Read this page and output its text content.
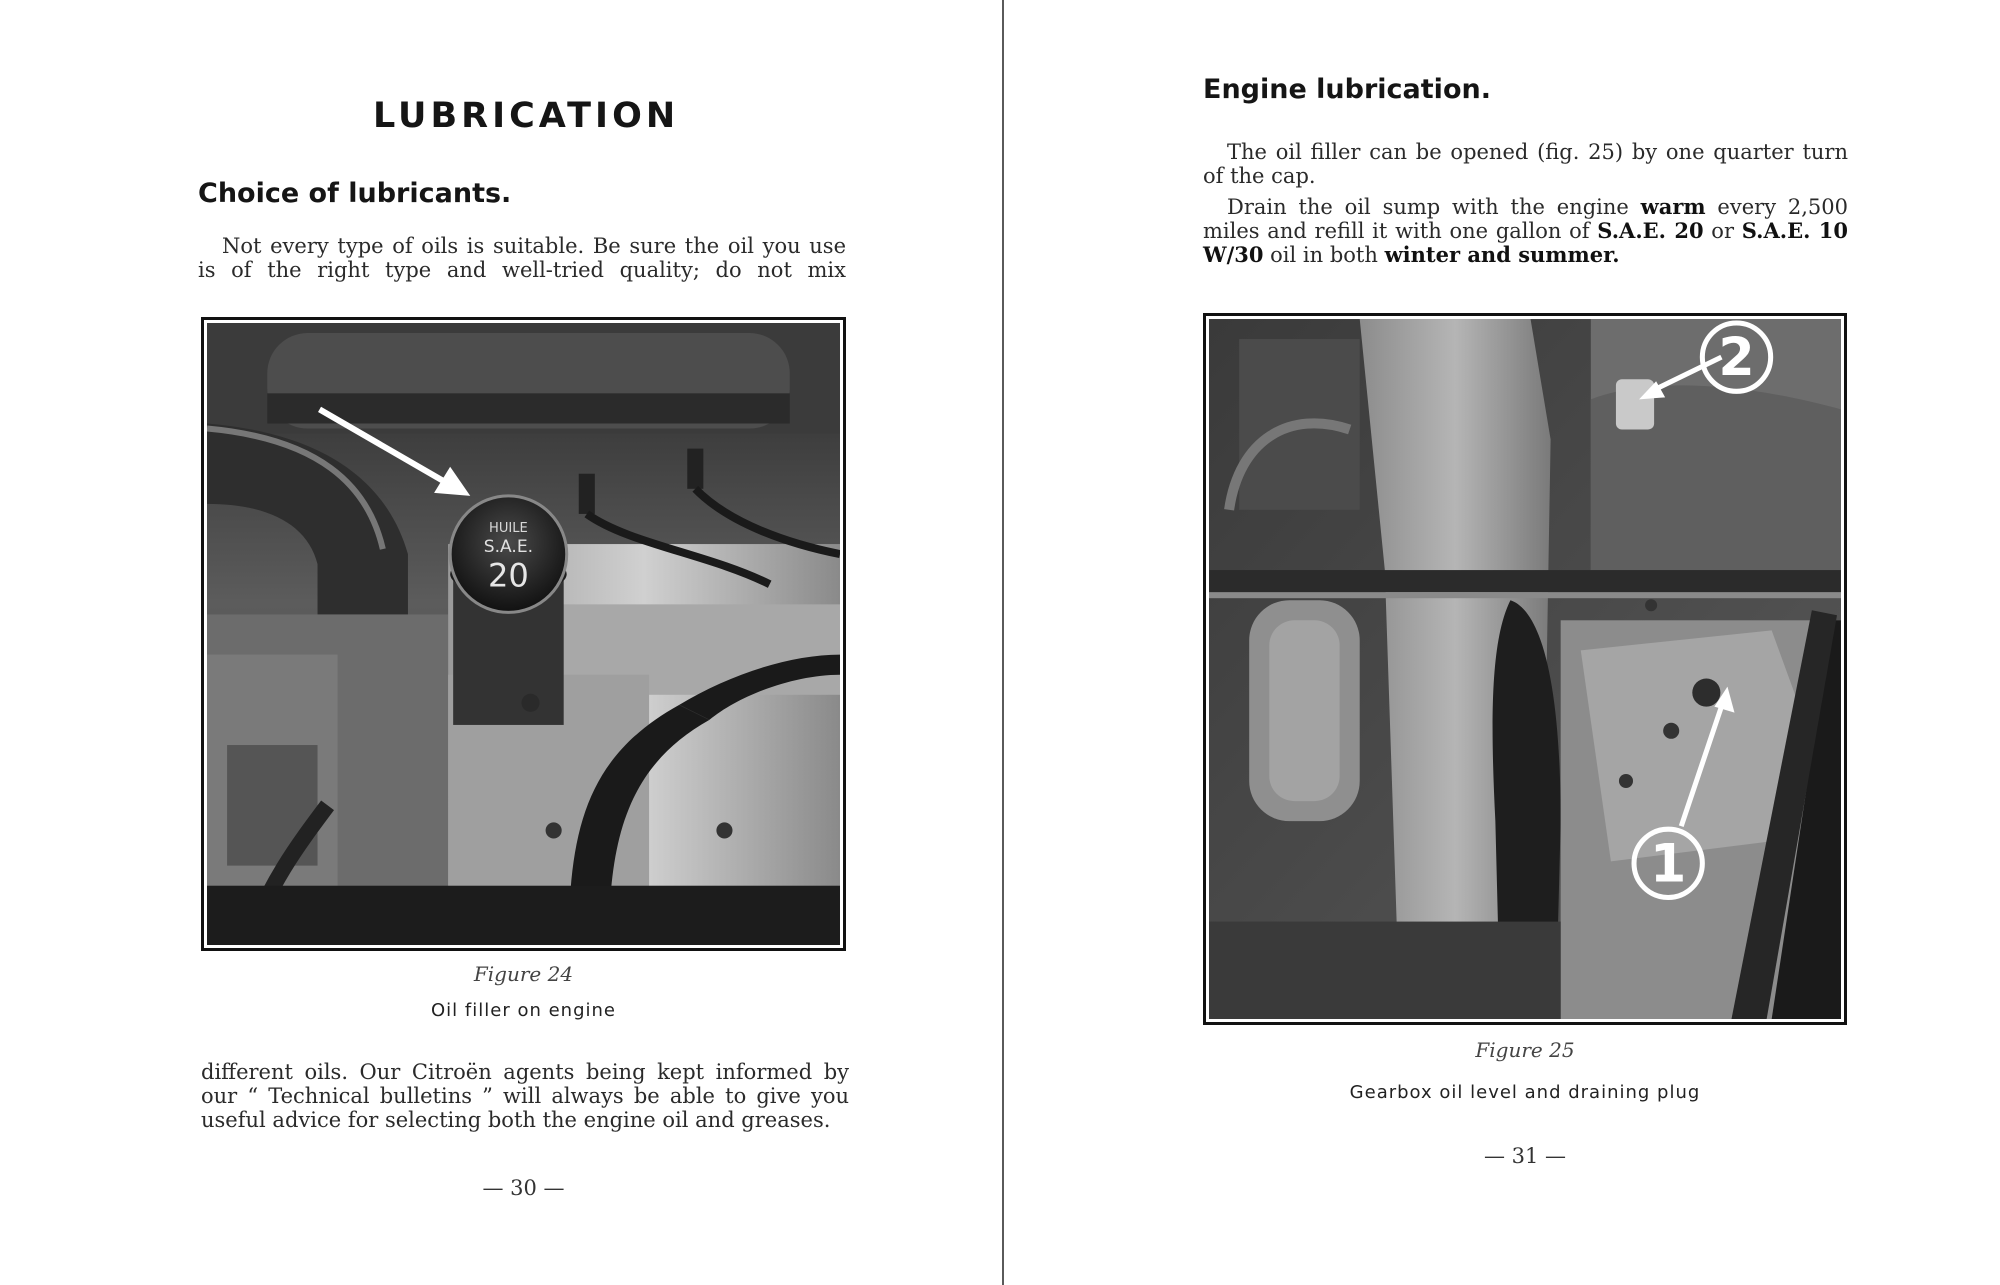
LUBRICATION
Choice of lubricants.

Not every type of oils is suitable. Be sure the oil you use is of the right type and well-tried quality; do not mix

HUILE
S.A.E.
20
Figure 24
Oil filler on engine

different oils. Our Citroën agents being kept informed by our “ Technical bulletins ” will always be able to give you useful advice for selecting both the engine oil and greases.

— 30 —
Engine lubrication.

The oil filler can be opened (fig. 25) by one quarter turn of the cap.

Drain the oil sump with the engine warm every 2,500 miles and refill it with one gallon of S.A.E. 20 or S.A.E. 10 W/30 oil in both winter and summer.

2
1
Figure 25
Gearbox oil level and draining plug
— 31 —
